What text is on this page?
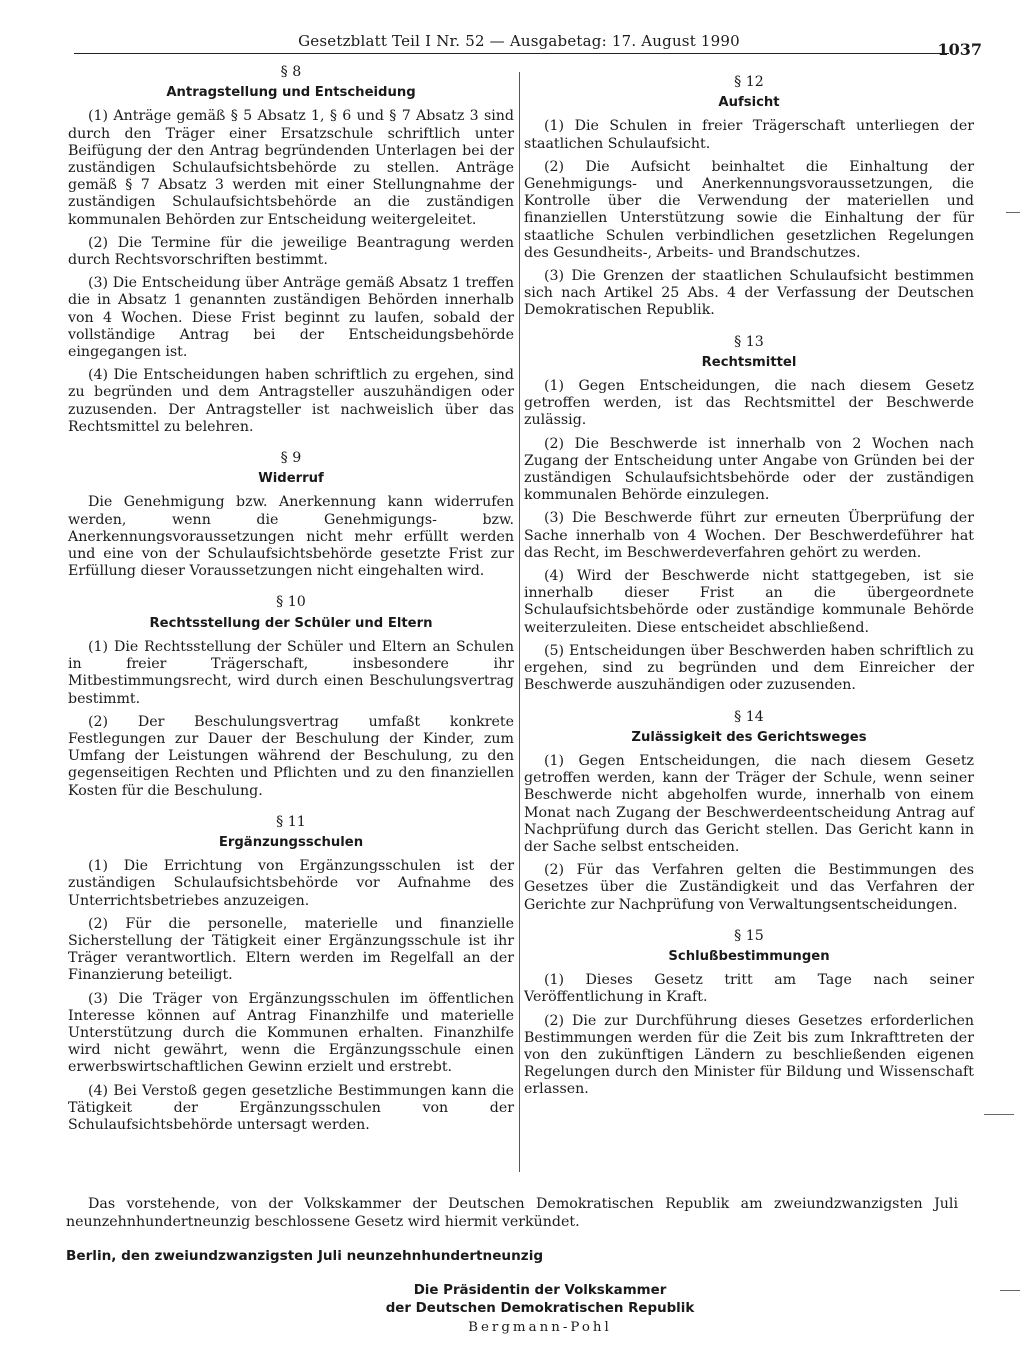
Gesetzblatt Teil I Nr. 52 — Ausgabetag: 17. August 1990	1037
§ 8
Antragstellung und Entscheidung

(1) Anträge gemäß § 5 Absatz 1, § 6 und § 7 Absatz 3 sind durch den Träger einer Ersatzschule schriftlich unter Beifügung der den Antrag begründenden Unterlagen bei der zuständigen Schulaufsichtsbehörde zu stellen. Anträge gemäß § 7 Absatz 3 werden mit einer Stellungnahme der zuständigen Schulaufsichtsbehörde an die zuständigen kommunalen Behörden zur Entscheidung weitergeleitet.

(2) Die Termine für die jeweilige Beantragung werden durch Rechtsvorschriften bestimmt.

(3) Die Entscheidung über Anträge gemäß Absatz 1 treffen die in Absatz 1 genannten zuständigen Behörden innerhalb von 4 Wochen. Diese Frist beginnt zu laufen, sobald der vollständige Antrag bei der Entscheidungsbehörde eingegangen ist.

(4) Die Entscheidungen haben schriftlich zu ergehen, sind zu begründen und dem Antragsteller auszuhändigen oder zuzusenden. Der Antragsteller ist nachweislich über das Rechtsmittel zu belehren.

§ 9
Widerruf

Die Genehmigung bzw. Anerkennung kann widerrufen werden, wenn die Genehmigungs- bzw. Anerkennungsvoraussetzungen nicht mehr erfüllt werden und eine von der Schulaufsichtsbehörde gesetzte Frist zur Erfüllung dieser Voraussetzungen nicht eingehalten wird.

§ 10
Rechtsstellung der Schüler und Eltern

(1) Die Rechtsstellung der Schüler und Eltern an Schulen in freier Trägerschaft, insbesondere ihr Mitbestimmungsrecht, wird durch einen Beschulungsvertrag bestimmt.

(2) Der Beschulungsvertrag umfaßt konkrete Festlegungen zur Dauer der Beschulung der Kinder, zum Umfang der Leistungen während der Beschulung, zu den gegenseitigen Rechten und Pflichten und zu den finanziellen Kosten für die Beschulung.

§ 11
Ergänzungsschulen

(1) Die Errichtung von Ergänzungsschulen ist der zuständigen Schulaufsichtsbehörde vor Aufnahme des Unterrichtsbetriebes anzuzeigen.

(2) Für die personelle, materielle und finanzielle Sicherstellung der Tätigkeit einer Ergänzungsschule ist ihr Träger verantwortlich. Eltern werden im Regelfall an der Finanzierung beteiligt.

(3) Die Träger von Ergänzungsschulen im öffentlichen Interesse können auf Antrag Finanzhilfe und materielle Unterstützung durch die Kommunen erhalten. Finanzhilfe wird nicht gewährt, wenn die Ergänzungsschule einen erwerbswirtschaftlichen Gewinn erzielt und erstrebt.

(4) Bei Verstoß gegen gesetzliche Bestimmungen kann die Tätigkeit der Ergänzungsschulen von der Schulaufsichtsbehörde untersagt werden.

§ 12
Aufsicht

(1) Die Schulen in freier Trägerschaft unterliegen der staatlichen Schulaufsicht.

(2) Die Aufsicht beinhaltet die Einhaltung der Genehmigungs- und Anerkennungsvoraussetzungen, die Kontrolle über die Verwendung der materiellen und finanziellen Unterstützung sowie die Einhaltung der für staatliche Schulen verbindlichen gesetzlichen Regelungen des Gesundheits-, Arbeits- und Brandschutzes.

(3) Die Grenzen der staatlichen Schulaufsicht bestimmen sich nach Artikel 25 Abs. 4 der Verfassung der Deutschen Demokratischen Republik.

§ 13
Rechtsmittel

(1) Gegen Entscheidungen, die nach diesem Gesetz getroffen werden, ist das Rechtsmittel der Beschwerde zulässig.

(2) Die Beschwerde ist innerhalb von 2 Wochen nach Zugang der Entscheidung unter Angabe von Gründen bei der zuständigen Schulaufsichtsbehörde oder der zuständigen kommunalen Behörde einzulegen.

(3) Die Beschwerde führt zur erneuten Überprüfung der Sache innerhalb von 4 Wochen. Der Beschwerdeführer hat das Recht, im Beschwerdeverfahren gehört zu werden.

(4) Wird der Beschwerde nicht stattgegeben, ist sie innerhalb dieser Frist an die übergeordnete Schulaufsichtsbehörde oder zuständige kommunale Behörde weiterzuleiten. Diese entscheidet abschließend.

(5) Entscheidungen über Beschwerden haben schriftlich zu ergehen, sind zu begründen und dem Einreicher der Beschwerde auszuhändigen oder zuzusenden.

§ 14
Zulässigkeit des Gerichtsweges

(1) Gegen Entscheidungen, die nach diesem Gesetz getroffen werden, kann der Träger der Schule, wenn seiner Beschwerde nicht abgeholfen wurde, innerhalb von einem Monat nach Zugang der Beschwerdeentscheidung Antrag auf Nachprüfung durch das Gericht stellen. Das Gericht kann in der Sache selbst entscheiden.

(2) Für das Verfahren gelten die Bestimmungen des Gesetzes über die Zuständigkeit und das Verfahren der Gerichte zur Nachprüfung von Verwaltungsentscheidungen.

§ 15
Schlußbestimmungen

(1) Dieses Gesetz tritt am Tage nach seiner Veröffentlichung in Kraft.

(2) Die zur Durchführung dieses Gesetzes erforderlichen Bestimmungen werden für die Zeit bis zum Inkrafttreten der von den zukünftigen Ländern zu beschließenden eigenen Regelungen durch den Minister für Bildung und Wissenschaft erlassen.

Das vorstehende, von der Volkskammer der Deutschen Demokratischen Republik am zweiundzwanzigsten Juli neunzehnhundertneunzig beschlossene Gesetz wird hiermit verkündet.
Berlin, den zweiundzwanzigsten Juli neunzehnhundertneunzig
Die Präsidentin der Volkskammer
der Deutschen Demokratischen Republik
Bergmann-Pohl
